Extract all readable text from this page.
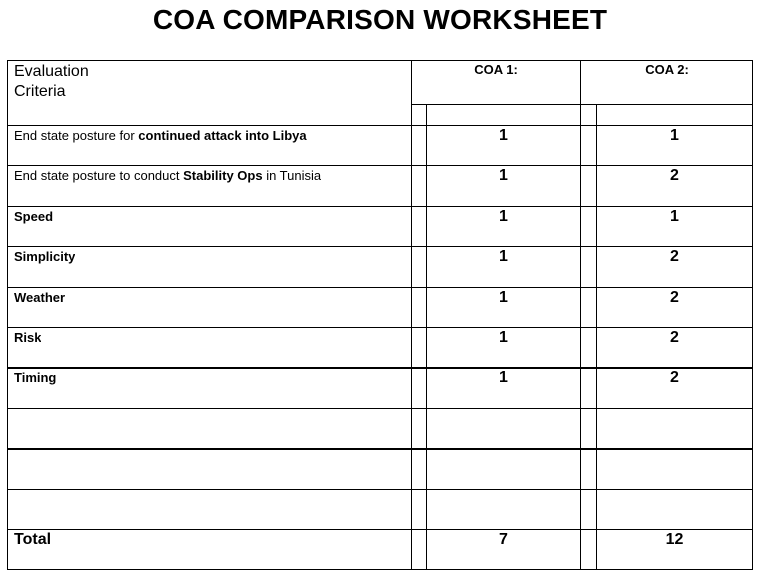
COA COMPARISON WORKSHEET
Evaluation
Criteria
COA 1:	COA 2:
End state posture for continued attack into Libya	1	1
End state posture to conduct Stability Ops in Tunisia	1	2
Speed	1	1
Simplicity	1	2
Weather	1	2
Risk	1	2
Timing	1	2
Total	7	12
